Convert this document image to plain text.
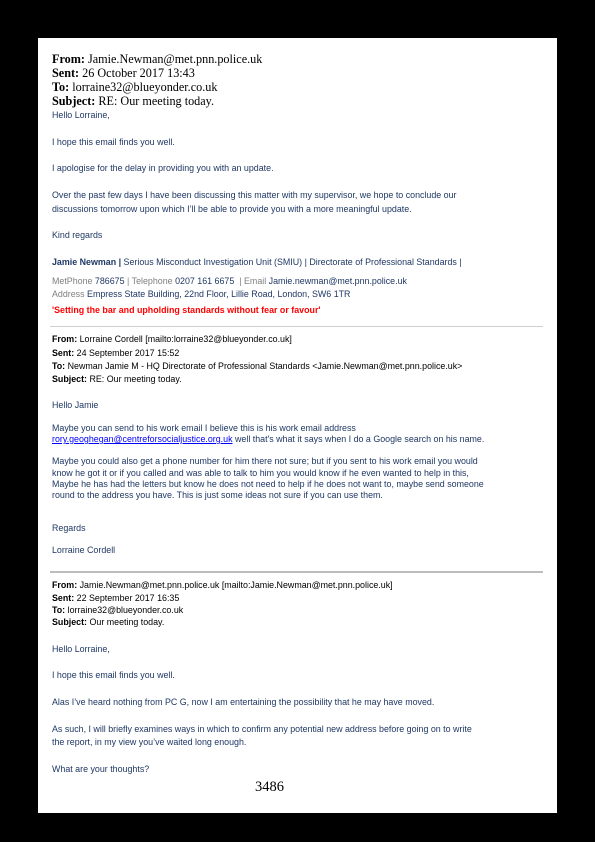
From: Jamie.Newman@met.pnn.police.uk

Sent: 26 October 2017 13:43

To: lorraine32@blueyonder.co.uk

Subject: RE: Our meeting today.

Hello Lorraine,

I hope this email finds you well.

I apologise for the delay in providing you with an update.

Over the past few days I have been discussing this matter with my supervisor, we hope to conclude our

discussions tomorrow upon which I’ll be able to provide you with a more meaningful update.

Kind regards

Jamie Newman | Serious Misconduct Investigation Unit (SMIU) | Directorate of Professional Standards |

MetPhone 786675 | Telephone 0207 161 6675  | Email Jamie.newman@met.pnn.police.uk

Address Empress State Building, 22nd Floor, Lillie Road, London, SW6 1TR

'Setting the bar and upholding standards without fear or favour'

From: Lorraine Cordell [mailto:lorraine32@blueyonder.co.uk]

Sent: 24 September 2017 15:52

To: Newman Jamie M - HQ Directorate of Professional Standards <Jamie.Newman@met.pnn.police.uk>

Subject: RE: Our meeting today.

Hello Jamie

Maybe you can send to his work email I believe this is his work email address

rory.geoghegan@centreforsocialjustice.org.uk well that's what it says when I do a Google search on his name.

Maybe you could also get a phone number for him there not sure; but if you sent to his work email you would

know he got it or if you called and was able to talk to him you would know if he even wanted to help in this,

Maybe he has had the letters but know he does not need to help if he does not want to, maybe send someone

round to the address you have. This is just some ideas not sure if you can use them.

Regards

Lorraine Cordell

From: Jamie.Newman@met.pnn.police.uk [mailto:Jamie.Newman@met.pnn.police.uk]

Sent: 22 September 2017 16:35

To: lorraine32@blueyonder.co.uk

Subject: Our meeting today.

Hello Lorraine,

I hope this email finds you well.

Alas I’ve heard nothing from PC G, now I am entertaining the possibility that he may have moved.

As such, I will briefly examines ways in which to confirm any potential new address before going on to write

the report, in my view you’ve waited long enough.

What are your thoughts?

3486
